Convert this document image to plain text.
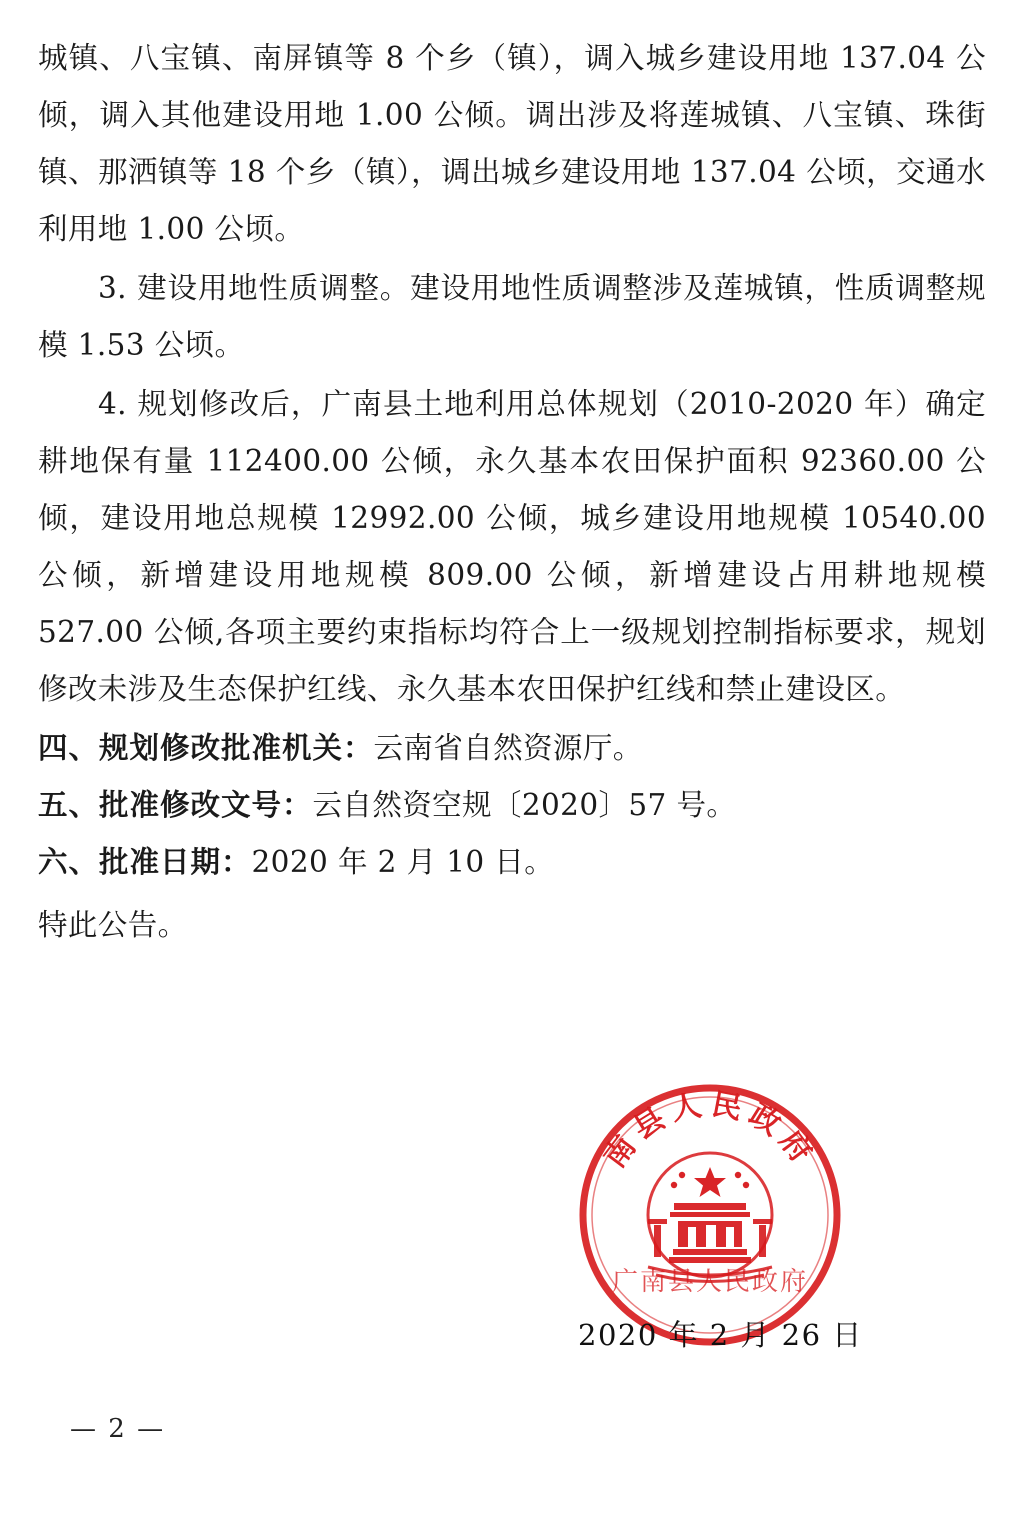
城镇、八宝镇、南屏镇等 8 个乡（镇），调入城乡建设用地 137.04 公倾，调入其他建设用地 1.00 公倾。调出涉及将莲城镇、八宝镇、珠街镇、那洒镇等 18 个乡（镇），调出城乡建设用地 137.04 公顷，交通水利用地 1.00 公顷。

3. 建设用地性质调整。建设用地性质调整涉及莲城镇，性质调整规模 1.53 公顷。

4. 规划修改后，广南县土地利用总体规划（2010-2020 年）确定耕地保有量 112400.00 公倾，永久基本农田保护面积 92360.00 公倾，建设用地总规模 12992.00 公倾，城乡建设用地规模 10540.00 公倾，新增建设用地规模 809.00 公倾，新增建设占用耕地规模 527.00 公倾,各项主要约束指标均符合上一级规划控制指标要求，规划修改未涉及生态保护红线、永久基本农田保护红线和禁止建设区。

四、规划修改批准机关：云南省自然资源厅。

五、批准修改文号：云自然资空规〔2020〕57 号。

六、批准日期：2020 年 2 月 10 日。

特此公告。

南县人民政府
广南县人民政府
2020 年 2 月 26 日
— 2 —
